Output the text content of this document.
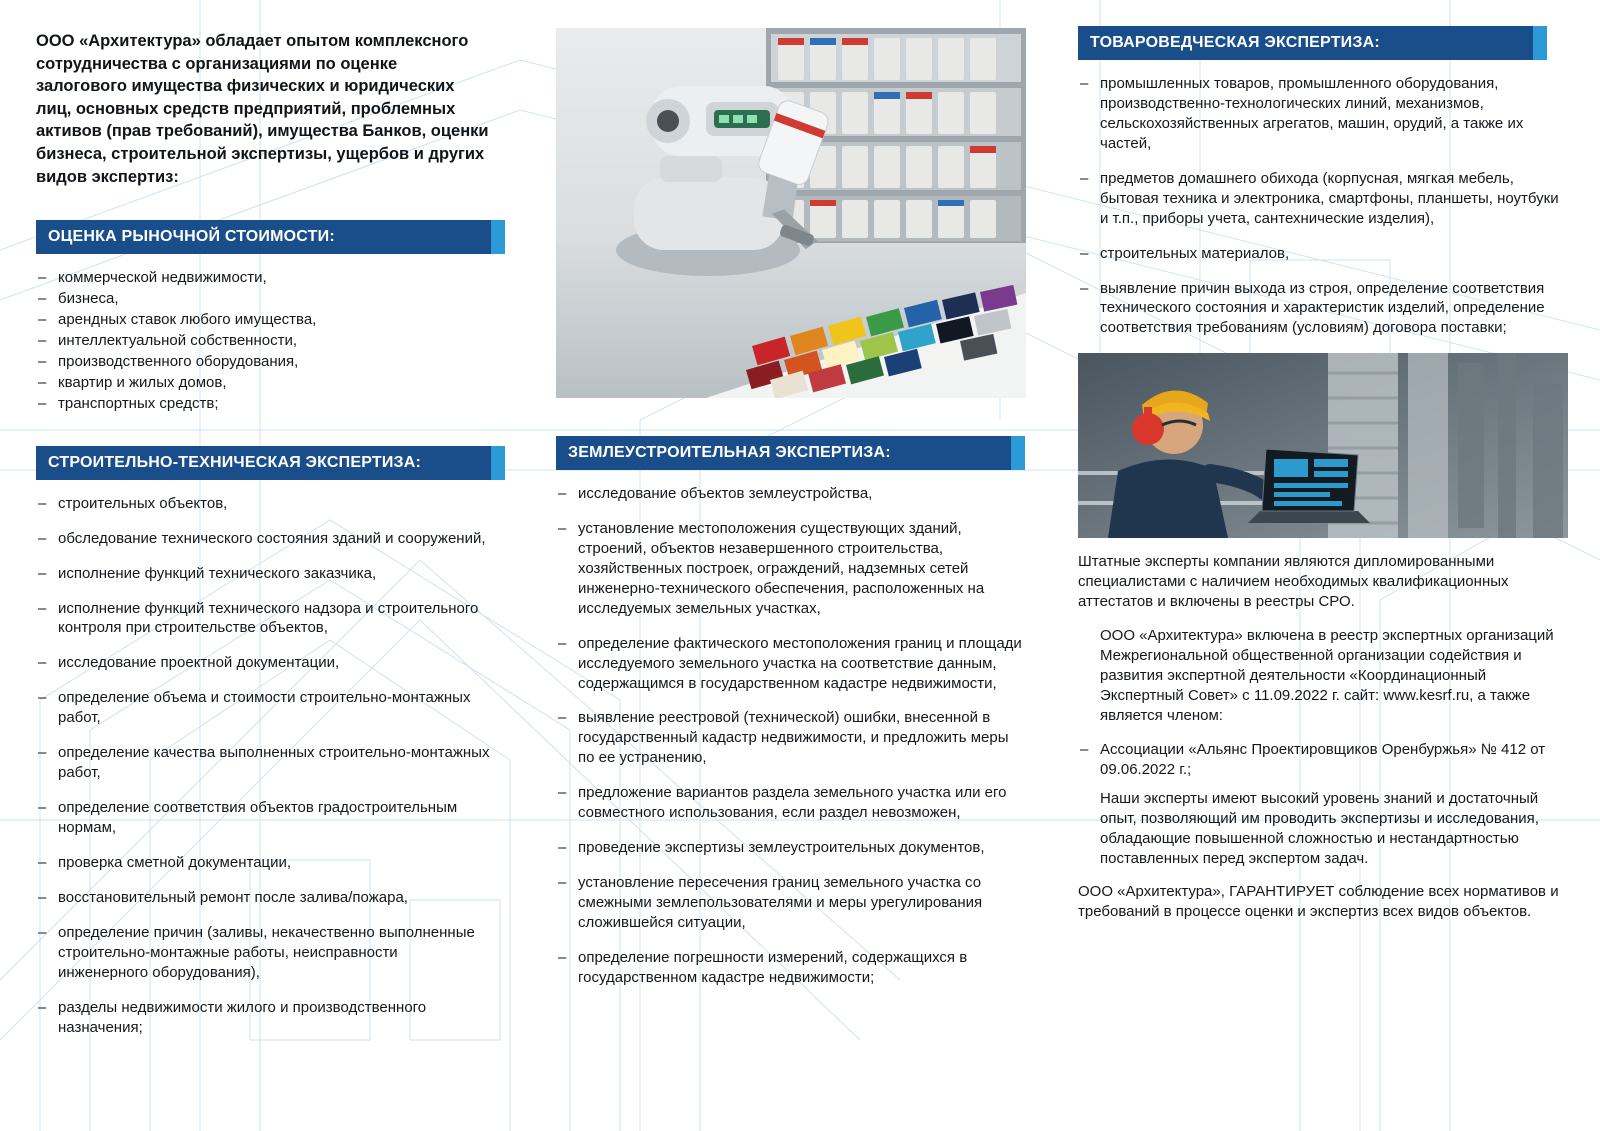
ООО «Архитектура» обладает опытом комплексного сотрудничества с организациями по оценке залогового имущества физических и юридических лиц, основных средств предприятий, проблемных активов (прав требований), имущества Банков, оценки бизнеса, строительной экспертизы, ущербов и других видов экспертиз:
ОЦЕНКА РЫНОЧНОЙ СТОИМОСТИ:
– коммерческой недвижимости,
– бизнеса,
– арендных ставок любого имущества,
– интеллектуальной собственности,
– производственного оборудования,
– квартир и жилых домов,
– транспортных средств;
СТРОИТЕЛЬНО-ТЕХНИЧЕСКАЯ ЭКСПЕРТИЗА:
– строительных объектов,
– обследование технического состояния зданий и сооружений,
– исполнение функций технического заказчика,
– исполнение функций технического надзора и строительного контроля при строительстве объектов,
– исследование проектной документации,
– определение объема и стоимости строительно-монтажных работ,
– определение качества выполненных строительно-монтажных работ,
– определение соответствия объектов градостроительным нормам,
– проверка сметной документации,
– восстановительный ремонт после залива/пожара,
– определение причин (заливы, некачественно выполненные строительно-монтажные работы, неисправности инженерного оборудования),
– разделы недвижимости жилого и производственного назначения;
ЗЕМЛЕУСТРОИТЕЛЬНАЯ ЭКСПЕРТИЗА:
– исследование объектов землеустройства,
– установление местоположения существующих зданий, строений, объектов незавершенного строительства, хозяйственных построек, ограждений, надземных сетей инженерно-технического обеспечения, расположенных на исследуемых земельных участках,
– определение фактического местоположения границ и площади исследуемого земельного участка на соответствие данным, содержащимся в государственном кадастре недвижимости,
– выявление реестровой (технической) ошибки, внесенной в государственный кадастр недвижимости, и предложить меры по ее устранению,
– предложение вариантов раздела земельного участка или его совместного использования, если раздел невозможен,
– проведение экспертизы землеустроительных документов,
– установление пересечения границ земельного участка со смежными землепользователями и меры урегулирования сложившейся ситуации,
– определение погрешности измерений, содержащихся в государственном кадастре недвижимости;
ТОВАРОВЕДЧЕСКАЯ ЭКСПЕРТИЗА:
– промышленных товаров, промышленного оборудования, производственно-технологических линий, механизмов, сельскохозяйственных агрегатов, машин, орудий, а также их частей,
– предметов домашнего обихода (корпусная, мягкая мебель, бытовая техника и электроника, смартфоны, планшеты, ноутбуки и т.п., приборы учета, сантехнические изделия),
– строительных материалов,
– выявление причин выхода из строя, определение соответствия технического состояния и характеристик изделий, определение соответствия требованиям (условиям) договора поставки;

Штатные эксперты компании являются дипломированными специалистами с наличием необходимых квалификационных аттестатов и включены в реестры СРО.

ООО «Архитектура» включена в реестр экспертных организаций Межрегиональной общественной организации содействия и развития экспертной деятельности «Координационный Экспертный Совет» с 11.09.2022 г. сайт: www.kesrf.ru, а также является членом:

– Ассоциации «Альянс Проектировщиков Оренбуржья» № 412 от 09.06.2022 г.;

Наши эксперты имеют высокий уровень знаний и достаточный опыт, позволяющий им проводить экспертизы и исследования, обладающие повышенной сложностью и нестандартностью поставленных перед экспертом задач.

ООО «Архитектура», ГАРАНТИРУЕТ соблюдение всех нормативов и требований в процессе оценки и экспертиз всех видов объектов.
